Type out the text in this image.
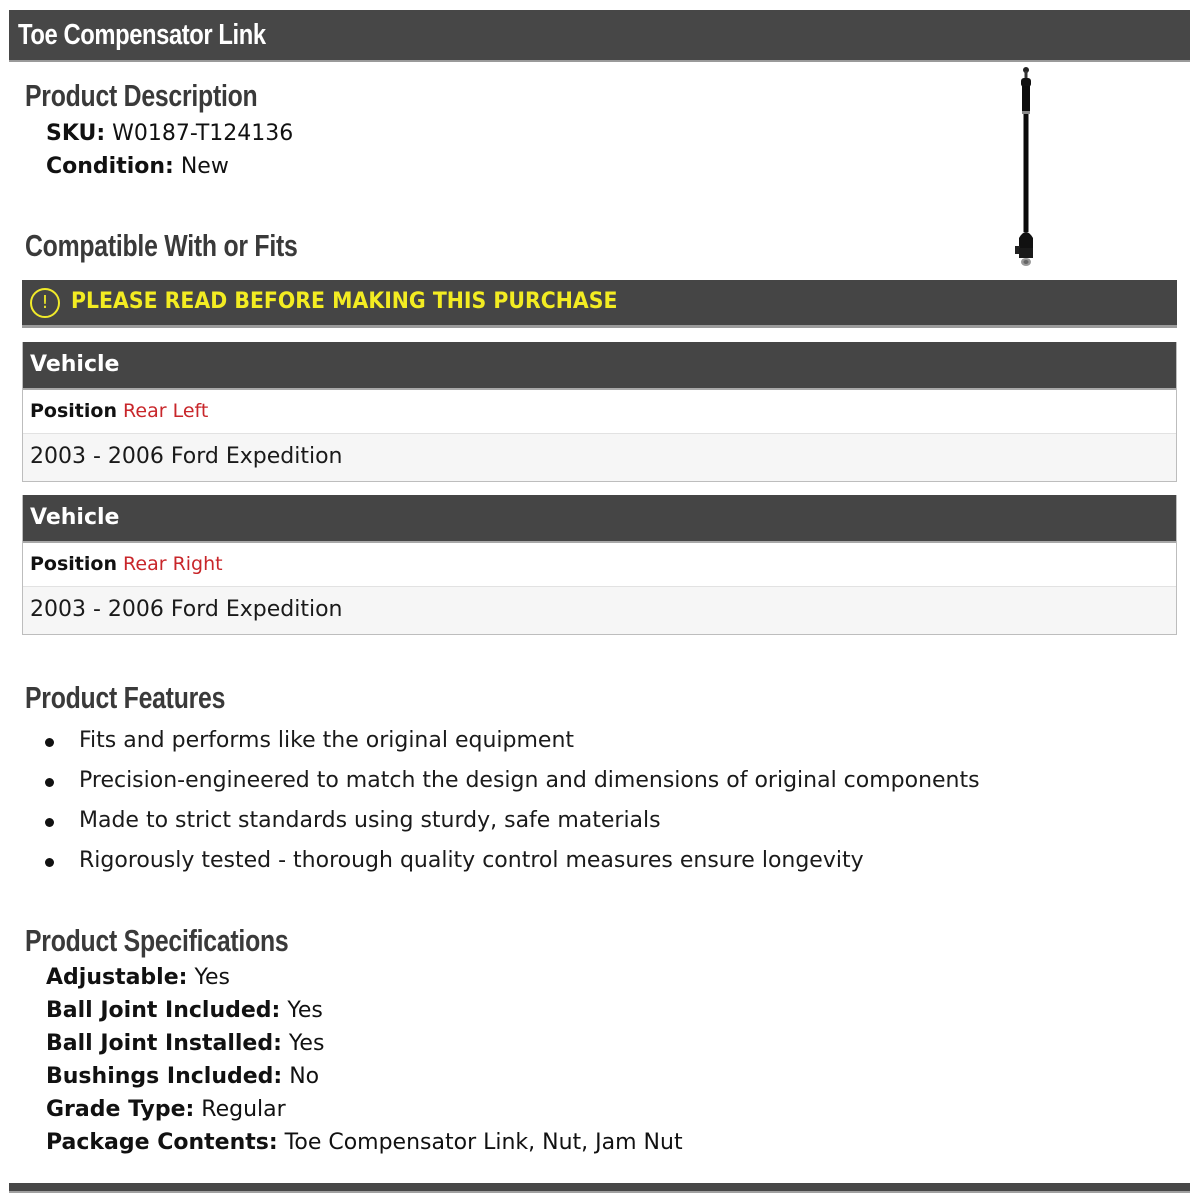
Toe Compensator Link
Product Description
SKU: W0187-T124136
Condition: New
Compatible With or Fits
!	PLEASE READ BEFORE MAKING THIS PURCHASE
Vehicle
Position Rear Left
2003 - 2006 Ford Expedition
Vehicle
Position Rear Right
2003 - 2006 Ford Expedition
Product Features
Fits and performs like the original equipment
Precision-engineered to match the design and dimensions of original components
Made to strict standards using sturdy, safe materials
Rigorously tested - thorough quality control measures ensure longevity
Product Specifications
Adjustable: Yes
Ball Joint Included: Yes
Ball Joint Installed: Yes
Bushings Included: No
Grade Type: Regular
Package Contents: Toe Compensator Link, Nut, Jam Nut
